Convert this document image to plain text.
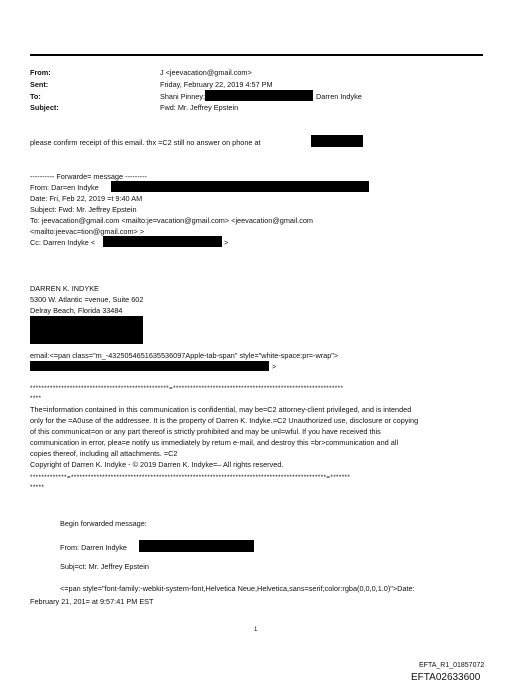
From:	J <jeevacation@gmail.com>
Sent:	Friday, February 22, 2019 4:57 PM
To:	Shani Pinney;	Darren Indyke
Subject:	Fwd: Mr. Jeffrey Epstein
please confirm receipt of this email. thx =C2 still no answer on phone at
---------- Forwarde= message ---------
From: Dar=en Indyke
Date: Fri, Feb 22, 2019 =t 9:40 AM
Subject: Fwd: Mr. Jeffrey Epstein
To: jeevacation@gmail.com <mailto:je=vacation@gmail.com> <jeevacation@gmail.com
<mailto:jeevac=tion@gmail.com> >
Cc: Darren Indyke <	>
DARREN K. INDYKE
5300 W. Atlantic =venue, Suite 602
Delray Beach, Florida 33484
email:<=pan class="m_-4325054651635536097Apple-tab-span" style="white-space:pr=-wrap">
>
*************************************************=************************************************************
****
The=information contained in this communication is confidential, may be=C2 attorney-client privileged, and is intended
only for the =A0use of the addressee. It is the property of Darren K. Indyke.=C2 Unauthorized use, disclosure or copying
of this communicat=on or any part thereof is strictly prohibited and may be unl=wful. If you have received this
communication in error, plea=e notify us immediately by return e-mail, and destroy this =br>communication and all
copies thereof, including all attachments. =C2
Copyright of Darren K. Indyke - © 2019 Darren K. Indyke=– All rights reserved.
*************=******************************************************************************************=*******
*****
Begin forwarded message:
From: Darren Indyke
Subj=ct: Mr. Jeffrey Epstein
<=pan style="font-family:-webkit-system-font,Helvetica Neue,Helvetica,sans=serif;color:rgba(0,0,0,1.0)">Date:
February 21, 201= at 9:57:41 PM EST
1
EFTA_R1_01857072
EFTA02633600
